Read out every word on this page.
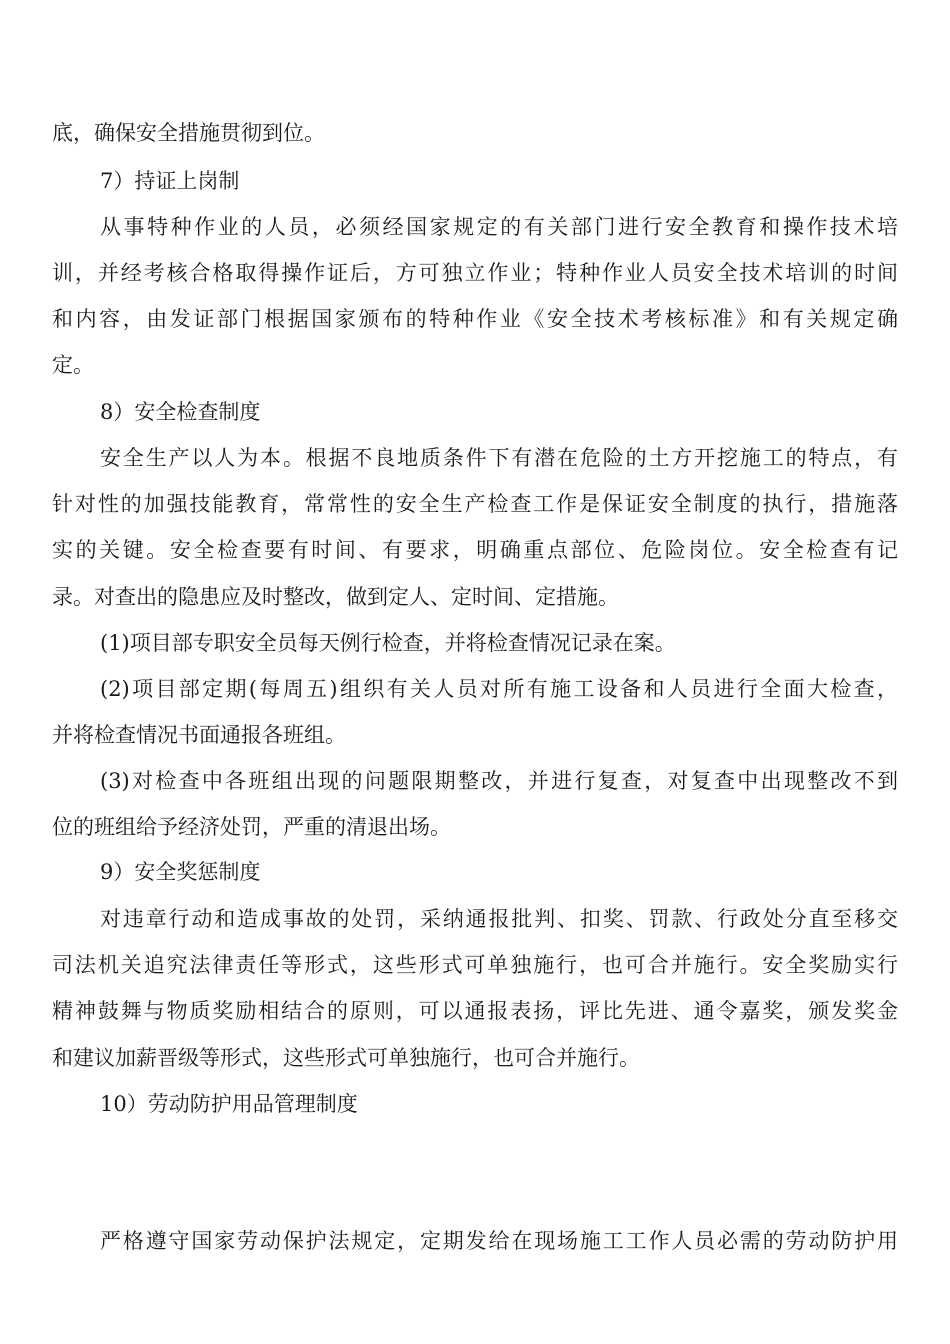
底，确保安全措施贯彻到位。
7）持证上岗制
从事特种作业的人员，必须经国家规定的有关部门进行安全教育和操作技术培
训，并经考核合格取得操作证后，方可独立作业；特种作业人员安全技术培训的时间
和内容，由发证部门根据国家颁布的特种作业《安全技术考核标准》和有关规定确
定。
8）安全检查制度
安全生产以人为本。根据不良地质条件下有潜在危险的土方开挖施工的特点，有
针对性的加强技能教育，常常性的安全生产检查工作是保证安全制度的执行，措施落
实的关键。安全检查要有时间、有要求，明确重点部位、危险岗位。安全检查有记
录。对查出的隐患应及时整改，做到定人、定时间、定措施。
(1)项目部专职安全员每天例行检查，并将检查情况记录在案。
(2)项目部定期(每周五)组织有关人员对所有施工设备和人员进行全面大检查，
并将检查情况书面通报各班组。
(3)对检查中各班组出现的问题限期整改，并进行复查，对复查中出现整改不到
位的班组给予经济处罚，严重的清退出场。
9）安全奖惩制度
对违章行动和造成事故的处罚，采纳通报批判、扣奖、罚款、行政处分直至移交
司法机关追究法律责任等形式，这些形式可单独施行，也可合并施行。安全奖励实行
精神鼓舞与物质奖励相结合的原则，可以通报表扬，评比先进、通令嘉奖，颁发奖金
和建议加薪晋级等形式，这些形式可单独施行，也可合并施行。
10）劳动防护用品管理制度
严格遵守国家劳动保护法规定，定期发给在现场施工工作人员必需的劳动防护用
